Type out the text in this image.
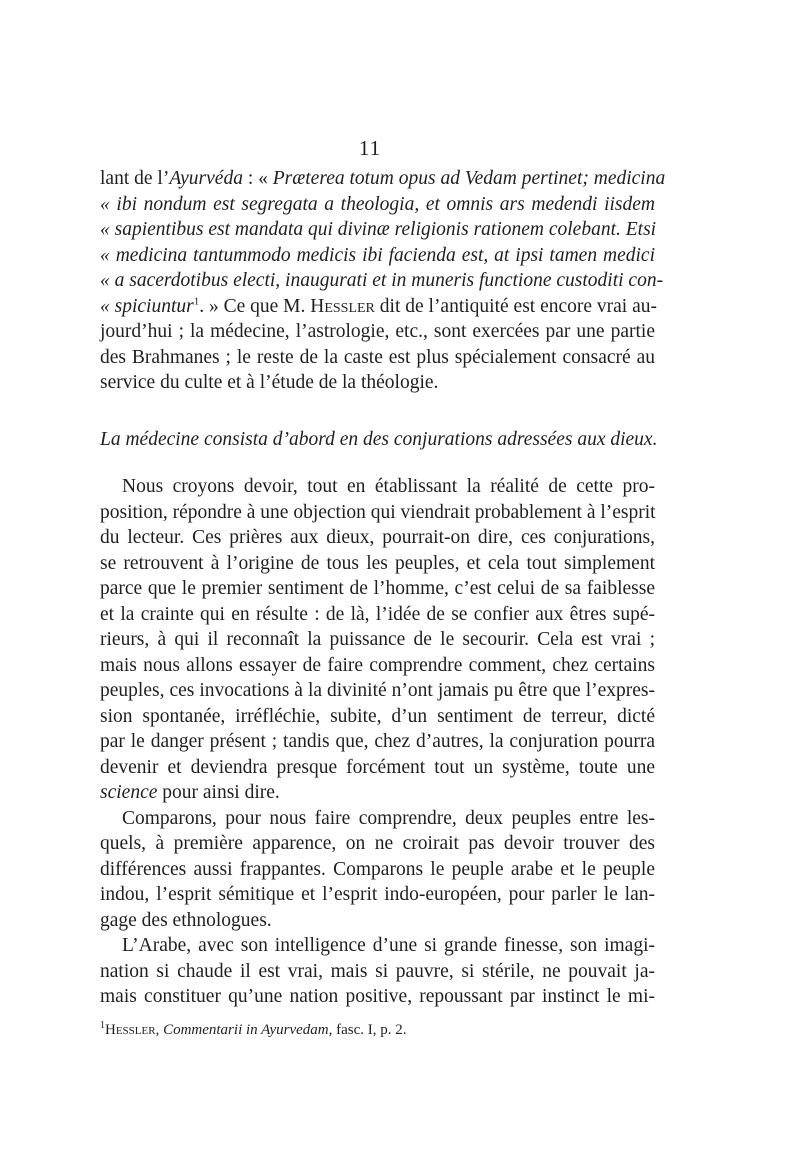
11
lant de l’Ayurvéda : « Præterea totum opus ad Vedam pertinet; medicina
« ibi nondum est segregata a theologia, et omnis ars medendi iisdem
« sapientibus est mandata qui divinæ religionis rationem colebant. Etsi
« medicina tantummodo medicis ibi facienda est, at ipsi tamen medici
« a sacerdotibus electi, inaugurati et in muneris functione custoditi con-
« spiciuntur$^1$. » Ce que M. Hessler dit de l’antiquité est encore vrai au-
jourd’hui ; la médecine, l’astrologie, etc., sont exercées par une partie
des Brahmanes ; le reste de la caste est plus spécialement consacré au
service du culte et à l’étude de la théologie.
La médecine consista d’abord en des conjurations adressées aux dieux.
Nous croyons devoir, tout en établissant la réalité de cette pro-
position, répondre à une objection qui viendrait probablement à l’esprit
du lecteur. Ces prières aux dieux, pourrait-on dire, ces conjurations,
se retrouvent à l’origine de tous les peuples, et cela tout simplement
parce que le premier sentiment de l’homme, c’est celui de sa faiblesse
et la crainte qui en résulte : de là, l’idée de se confier aux êtres supé-
rieurs, à qui il reconnaît la puissance de le secourir. Cela est vrai ;
mais nous allons essayer de faire comprendre comment, chez certains
peuples, ces invocations à la divinité n’ont jamais pu être que l’expres-
sion spontanée, irréfléchie, subite, d’un sentiment de terreur, dicté
par le danger présent ; tandis que, chez d’autres, la conjuration pourra
devenir et deviendra presque forcément tout un système, toute une
science pour ainsi dire.
Comparons, pour nous faire comprendre, deux peuples entre les-
quels, à première apparence, on ne croirait pas devoir trouver des
différences aussi frappantes. Comparons le peuple arabe et le peuple
indou, l’esprit sémitique et l’esprit indo-européen, pour parler le lan-
gage des ethnologues.
L’Arabe, avec son intelligence d’une si grande finesse, son imagi-
nation si chaude il est vrai, mais si pauvre, si stérile, ne pouvait ja-
mais constituer qu’une nation positive, repoussant par instinct le mi-
$^1$Hessler, Commentarii in Ayurvedam, fasc. I, p. 2.
